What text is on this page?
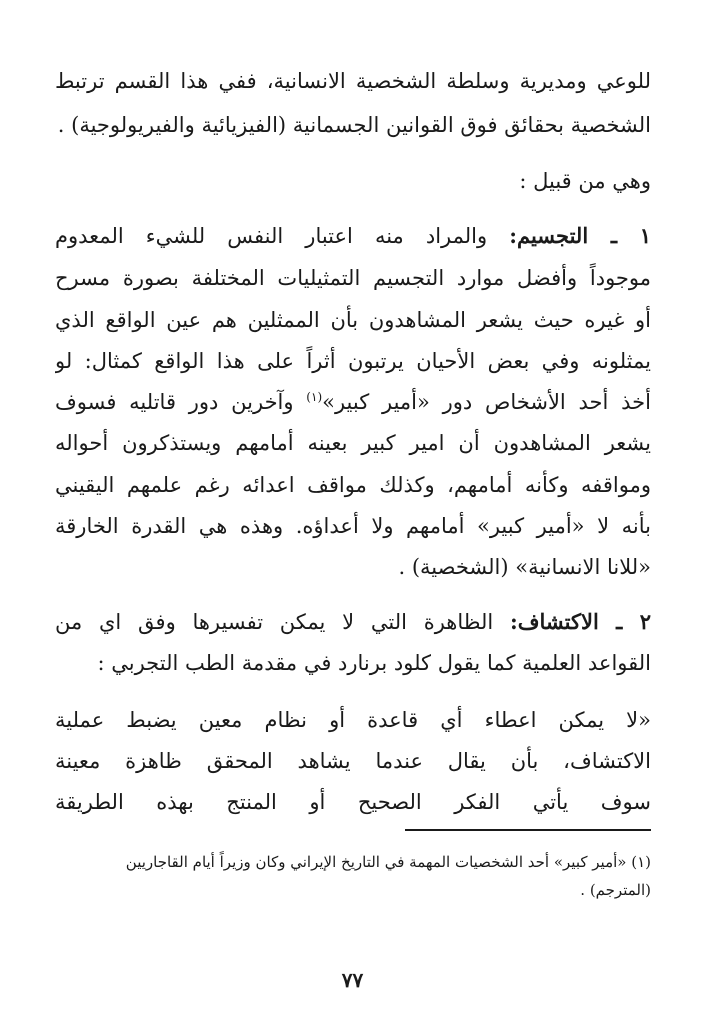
للوعي ومديرية وسلطة الشخصية الانسانية، ففي هذا القسم ترتبط
الشخصية بحقائق فوق القوانين الجسمانية (الفيزيائية والفيريولوجية) .
وهي من قبيل :
١ ـ التجسيم: والمراد منه اعتبار النفس للشيء المعدوم
موجوداً وأفضل موارد التجسيم التمثيليات المختلفة بصورة مسرح
أو غيره حيث يشعر المشاهدون بأن الممثلين هم عين الواقع الذي
يمثلونه وفي بعض الأحيان يرتبون أثراً على هذا الواقع كمثال: لو
أخذ أحد الأشخاص دور «أمير كبير»$^{(١)}$ وآخرين دور قاتليه فسوف
يشعر المشاهدون أن امير كبير بعينه أمامهم ويستذكرون أحواله
ومواقفه وكأنه أمامهم، وكذلك مواقف اعدائه رغم علمهم اليقيني
بأنه لا «أمير كبير» أمامهم ولا أعداؤه. وهذه هي القدرة الخارقة
«للانا الانسانية» (الشخصية) .
٢ ـ الاكتشاف: الظاهرة التي لا يمكن تفسيرها وفق اي من
القواعد العلمية كما يقول كلود برنارد في مقدمة الطب التجربي :
«لا يمكن اعطاء أي قاعدة أو نظام معين يضبط عملية
الاكتشاف، بأن يقال عندما يشاهد المحقق ظاهزة معينة
سوف يأتي الفكر الصحيح أو المنتج بهذه الطريقة
(١) «أمير كبير» أحد الشخصيات المهمة في التاريخ الإيراني وكان وزيراً أيام القاجاريين
(المترجم) .
٧٧
